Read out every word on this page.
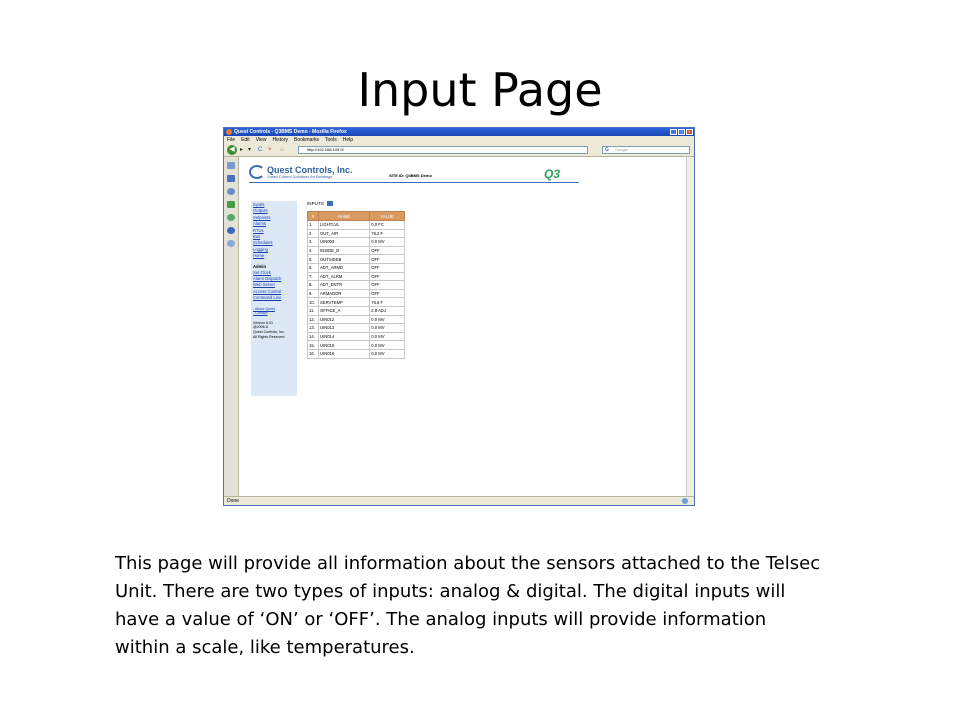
Input Page
Quest Controls - Q3BMS Demo - Mozilla Firefox	_	□	×
File Edit View History Bookmarks Tools Help
◀ ▸ ▾ C × ⌂	http://192.168.105.9/	G Google
Quest Controls, Inc.
Smart Control Solutions for Buildings	SITE ID: Q3BMS Demo	Q3
Inputs
Outputs
Setpoints
Alarms
RTUs
Bus
Schedules
Logging
Home
Admin
Set Clock
Alarm Dispatch
Web Server
Access Control
Command Line
- About Quest
- Contact
Version 6.01
@2006-8
Quest Controls, Inc.
All Rights Reserved
INPUTS
#	NAME	VALUE
1.	LIGHTLVL	0.0 FC
2.	OUT_AIR	76.2 F
3.	UIN003	0.0 MV
4.	INSIDE_B	OFF
5.	OUTSIDEB	OFF
6.	ADT_ARMD	OFF
7.	ADT_ALRM	OFF
8.	ADT_ENTR	OFF
9.	ARMADOR	OFF
10.	SERVTEMP	76.6 F
11.	OFFICE_A	2.8 ADJ
12.	UIN012	0.0 MV
13.	UIN013	0.0 MV
14.	UIN014	0.0 MV
15.	UIN015	0.0 MV
16.	UIN016	0.0 MV
Done
This page will provide all information about the sensors attached to the Telsec Unit. There are two types of inputs: analog & digital. The digital inputs will have a value of ‘ON’ or ‘OFF’. The analog inputs will provide information within a scale, like temperatures.
